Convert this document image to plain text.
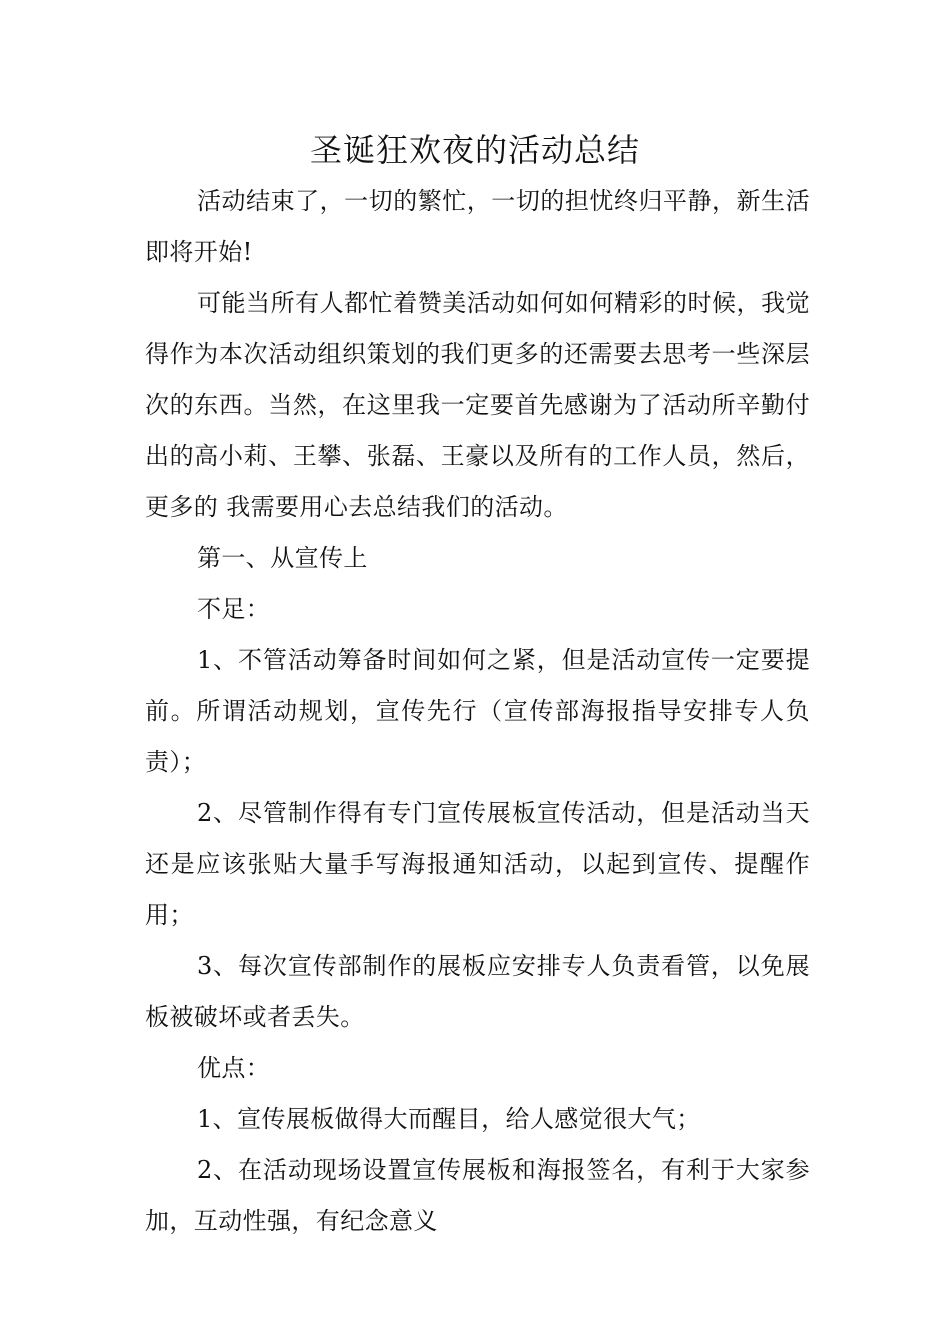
圣诞狂欢夜的活动总结

活动结束了，一切的繁忙，一切的担忧终归平静，新生活即将开始!

可能当所有人都忙着赞美活动如何如何精彩的时候，我觉得作为本次活动组织策划的我们更多的还需要去思考一些深层次的东西。当然，在这里我一定要首先感谢为了活动所辛勤付出的高小莉、王攀、张磊、王豪以及所有的工作人员，然后，更多的 我需要用心去总结我们的活动。

第一、从宣传上

不足：

1、不管活动筹备时间如何之紧，但是活动宣传一定要提前。所谓活动规划，宣传先行（宣传部海报指导安排专人负责）；

2、尽管制作得有专门宣传展板宣传活动，但是活动当天还是应该张贴大量手写海报通知活动，以起到宣传、提醒作用；

3、每次宣传部制作的展板应安排专人负责看管，以免展板被破坏或者丢失。

优点：

1、宣传展板做得大而醒目，给人感觉很大气；

2、在活动现场设置宣传展板和海报签名，有利于大家参加，互动性强，有纪念意义
